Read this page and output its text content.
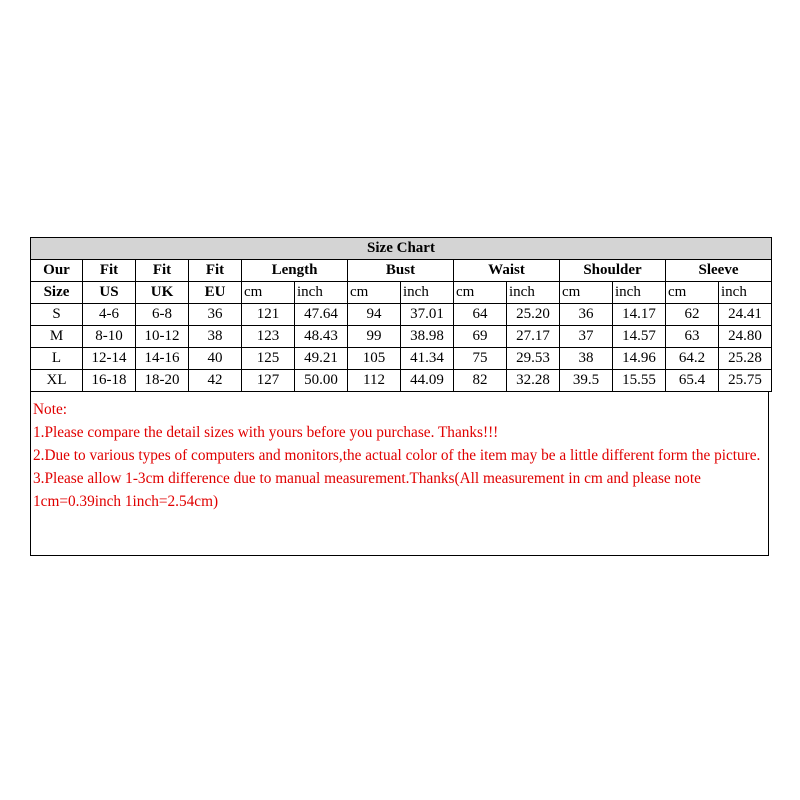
Size Chart													
Our	Fit	Fit	Fit	Length		Bust		Waist		Shoulder		Sleeve	
Size	US	UK	EU	cm	inch	cm	inch	cm	inch	cm	inch	cm	inch
S	4-6	6-8	36	121	47.64	94	37.01	64	25.20	36	14.17	62	24.41
M	8-10	10-12	38	123	48.43	99	38.98	69	27.17	37	14.57	63	24.80
L	12-14	14-16	40	125	49.21	105	41.34	75	29.53	38	14.96	64.2	25.28
XL	16-18	18-20	42	127	50.00	112	44.09	82	32.28	39.5	15.55	65.4	25.75
Note:
1.Please compare the detail sizes with yours before you purchase. Thanks!!!
2.Due to various types of computers and monitors,the actual color of the item may be a little different form the picture.
3.Please allow 1-3cm difference due to manual measurement.Thanks(All measurement in cm and please note 1cm=0.39inch 1inch=2.54cm)
